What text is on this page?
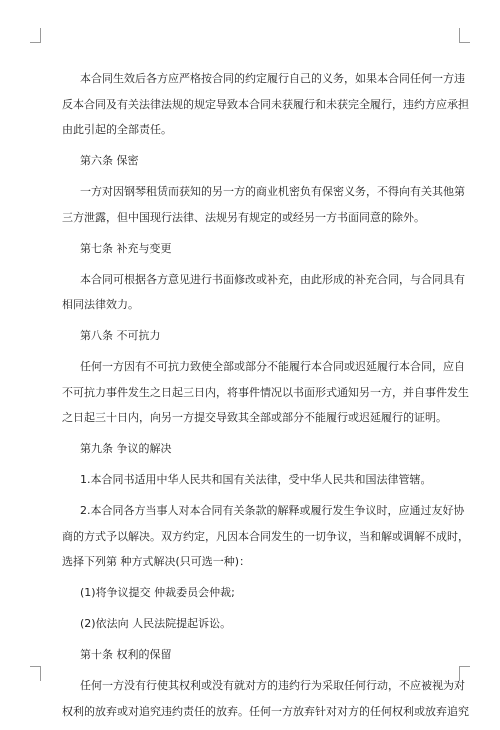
本合同生效后各方应严格按合同的约定履行自己的义务，如果本合同任何一方违
反本合同及有关法律法规的规定导致本合同未获履行和未获完全履行，违约方应承担
由此引起的全部责任。
第六条 保密
一方对因钢琴租赁而获知的另一方的商业机密负有保密义务，不得向有关其他第
三方泄露，但中国现行法律、法规另有规定的或经另一方书面同意的除外。
第七条 补充与变更
本合同可根据各方意见进行书面修改或补充，由此形成的补充合同，与合同具有
相同法律效力。
第八条 不可抗力
任何一方因有不可抗力致使全部或部分不能履行本合同或迟延履行本合同，应自
不可抗力事件发生之日起三日内，将事件情况以书面形式通知另一方，并自事件发生
之日起三十日内，向另一方提交导致其全部或部分不能履行或迟延履行的证明。
第九条 争议的解决
1.本合同书适用中华人民共和国有关法律，受中华人民共和国法律管辖。
2.本合同各方当事人对本合同有关条款的解释或履行发生争议时，应通过友好协
商的方式予以解决。双方约定，凡因本合同发生的一切争议，当和解或调解不成时，
选择下列第 种方式解决(只可选一种)：
(1)将争议提交 仲裁委员会仲裁;
(2)依法向 人民法院提起诉讼。
第十条 权利的保留
任何一方没有行使其权利或没有就对方的违约行为采取任何行动，不应被视为对
权利的放弃或对追究违约责任的放弃。任何一方放弃针对对方的任何权利或放弃追究
